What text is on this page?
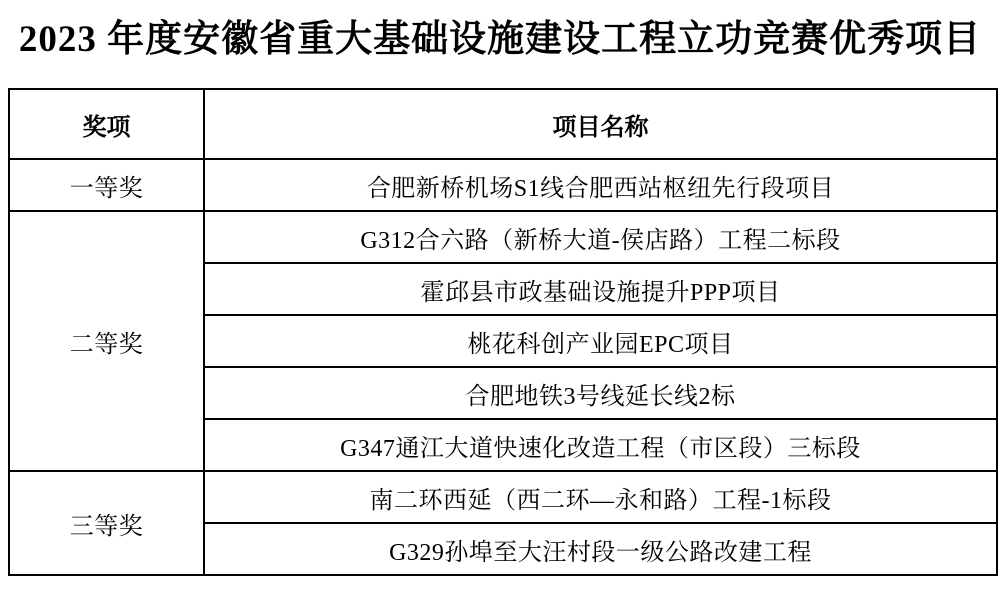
2023 年度安徽省重大基础设施建设工程立功竞赛优秀项目
奖项	项目名称
一等奖	合肥新桥机场S1线合肥西站枢纽先行段项目
二等奖	G312合六路（新桥大道-侯店路）工程二标段
	霍邱县市政基础设施提升PPP项目
	桃花科创产业园EPC项目
	合肥地铁3号线延长线2标
	G347通江大道快速化改造工程（市区段）三标段
三等奖	南二环西延（西二环—永和路）工程-1标段
	G329孙埠至大汪村段一级公路改建工程
